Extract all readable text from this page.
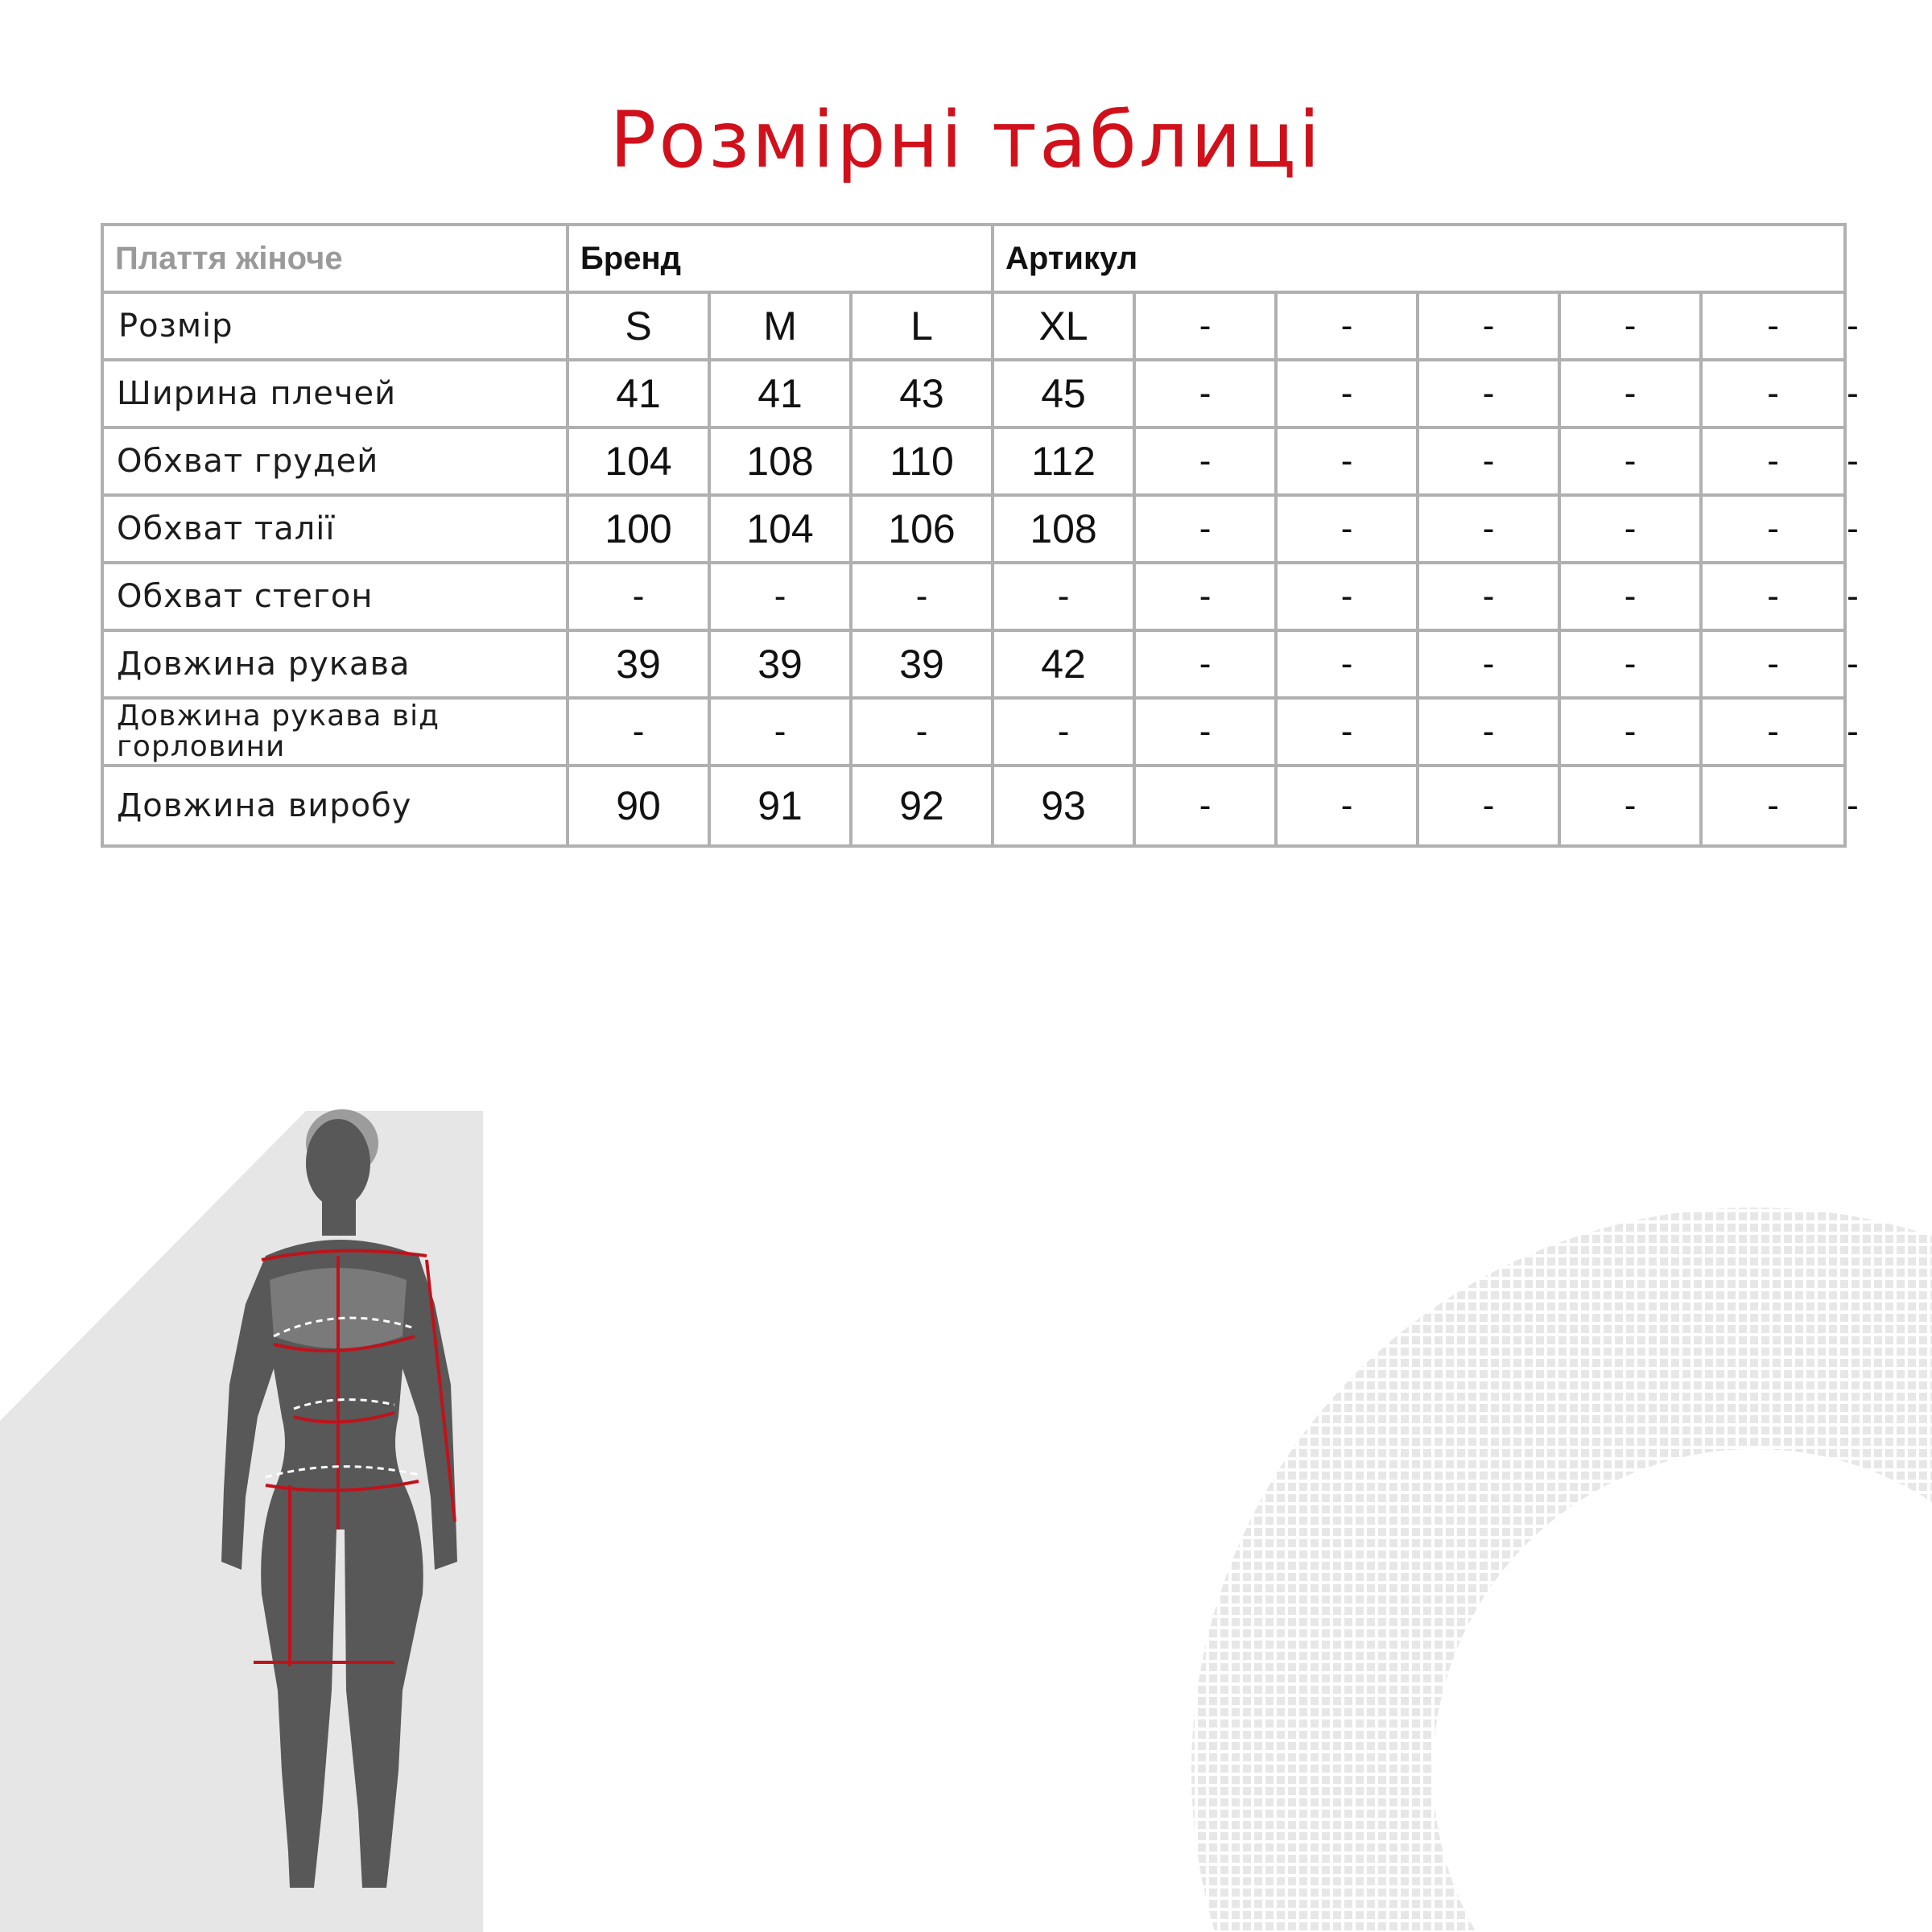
Розмірні таблиці
Плаття жіноче	Бренд			Артикул						
Розмір	S	M	L	XL	-	-	-	-	-	-
Ширина плечей	41	41	43	45	-	-	-	-	-	-
Обхват грудей	104	108	110	112	-	-	-	-	-	-
Обхват талії	100	104	106	108	-	-	-	-	-	-
Обхват стегон	-	-	-	-	-	-	-	-	-	-
Довжина рукава	39	39	39	42	-	-	-	-	-	-
Довжина рукава від горловини	-	-	-	-	-	-	-	-	-	-
Довжина виробу	90	91	92	93	-	-	-	-	-	-
